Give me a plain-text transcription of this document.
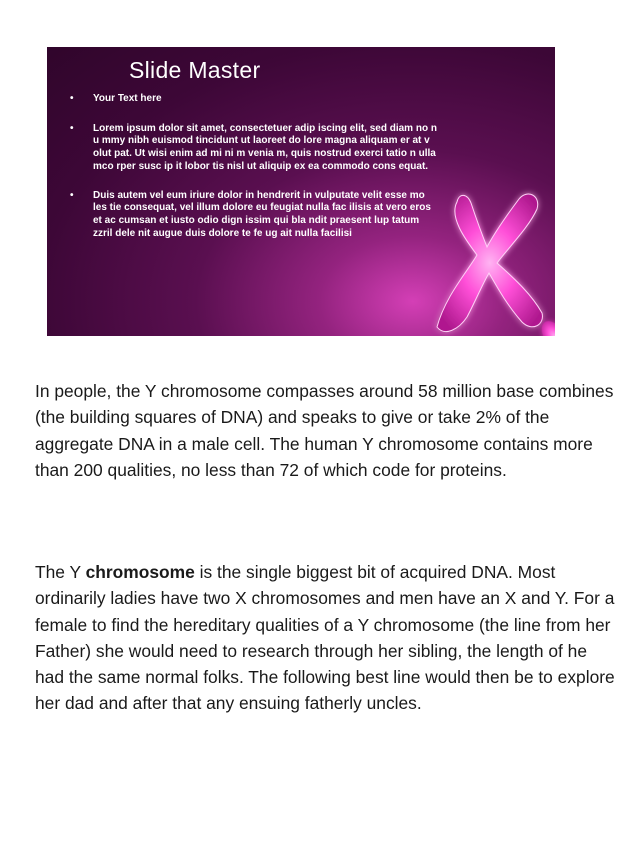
Slide Master
• Your Text here
• Lorem ipsum dolor sit amet, consectetuer adip iscing elit, sed diam no n u mmy nibh euismod tincidunt ut laoreet do lore magna aliquam er at v olut pat. Ut wisi enim ad mi ni m venia m, quis nostrud exerci tatio n ulla mco rper susc ip it lobor tis nisl ut aliquip ex ea commodo cons equat.
• Duis autem vel eum iriure dolor in hendrerit in vulputate velit esse mo les tie consequat, vel illum dolore eu feugiat nulla fac ilisis at vero eros et ac cumsan et iusto odio dign issim qui bla ndit praesent lup tatum zzril dele nit augue duis dolore te fe ug ait nulla facilisi

In people, the Y chromosome compasses around 58 million base combines (the building squares of DNA) and speaks to give or take 2% of the aggregate DNA in a male cell. The human Y chromosome contains more than 200 qualities, no less than 72 of which code for proteins.

The Y chromosome is the single biggest bit of acquired DNA. Most ordinarily ladies have two X chromosomes and men have an X and Y. For a female to find the hereditary qualities of a Y chromosome (the line from her Father) she would need to research through her sibling, the length of he had the same normal folks. The following best line would then be to explore her dad and after that any ensuing fatherly uncles.
